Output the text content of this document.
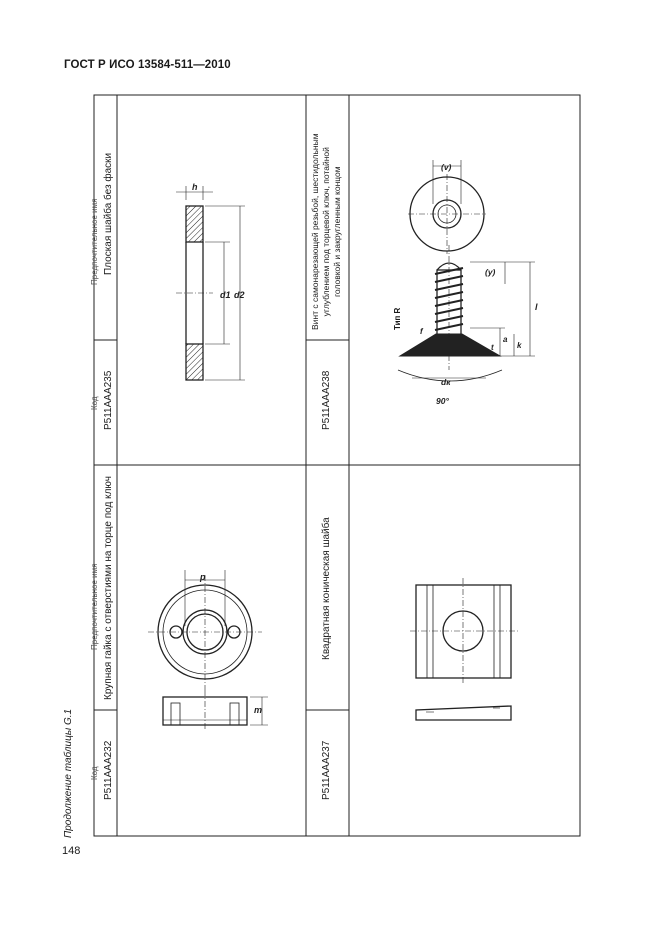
ГОСТ Р ИСО 13584-511—2010
148
Продолжение таблицы G.1 Код
Предпочтительное имя
Код
Предпочтительное имя
P511AAA232
Крупная гайка с отверстиями на торце под ключ
P511AAA235
Плоская шайба без фаски
P511AAA237
Квадратная коническая шайба
P511AAA238
Винт с самонарезающей резьбой, шестидольным углублением под торцевой ключ, потайной головкой и закругленным концом
p
m
h
d1 d2
(v)
(y)
l
a
k
t
f
dк
90°
Тип R
